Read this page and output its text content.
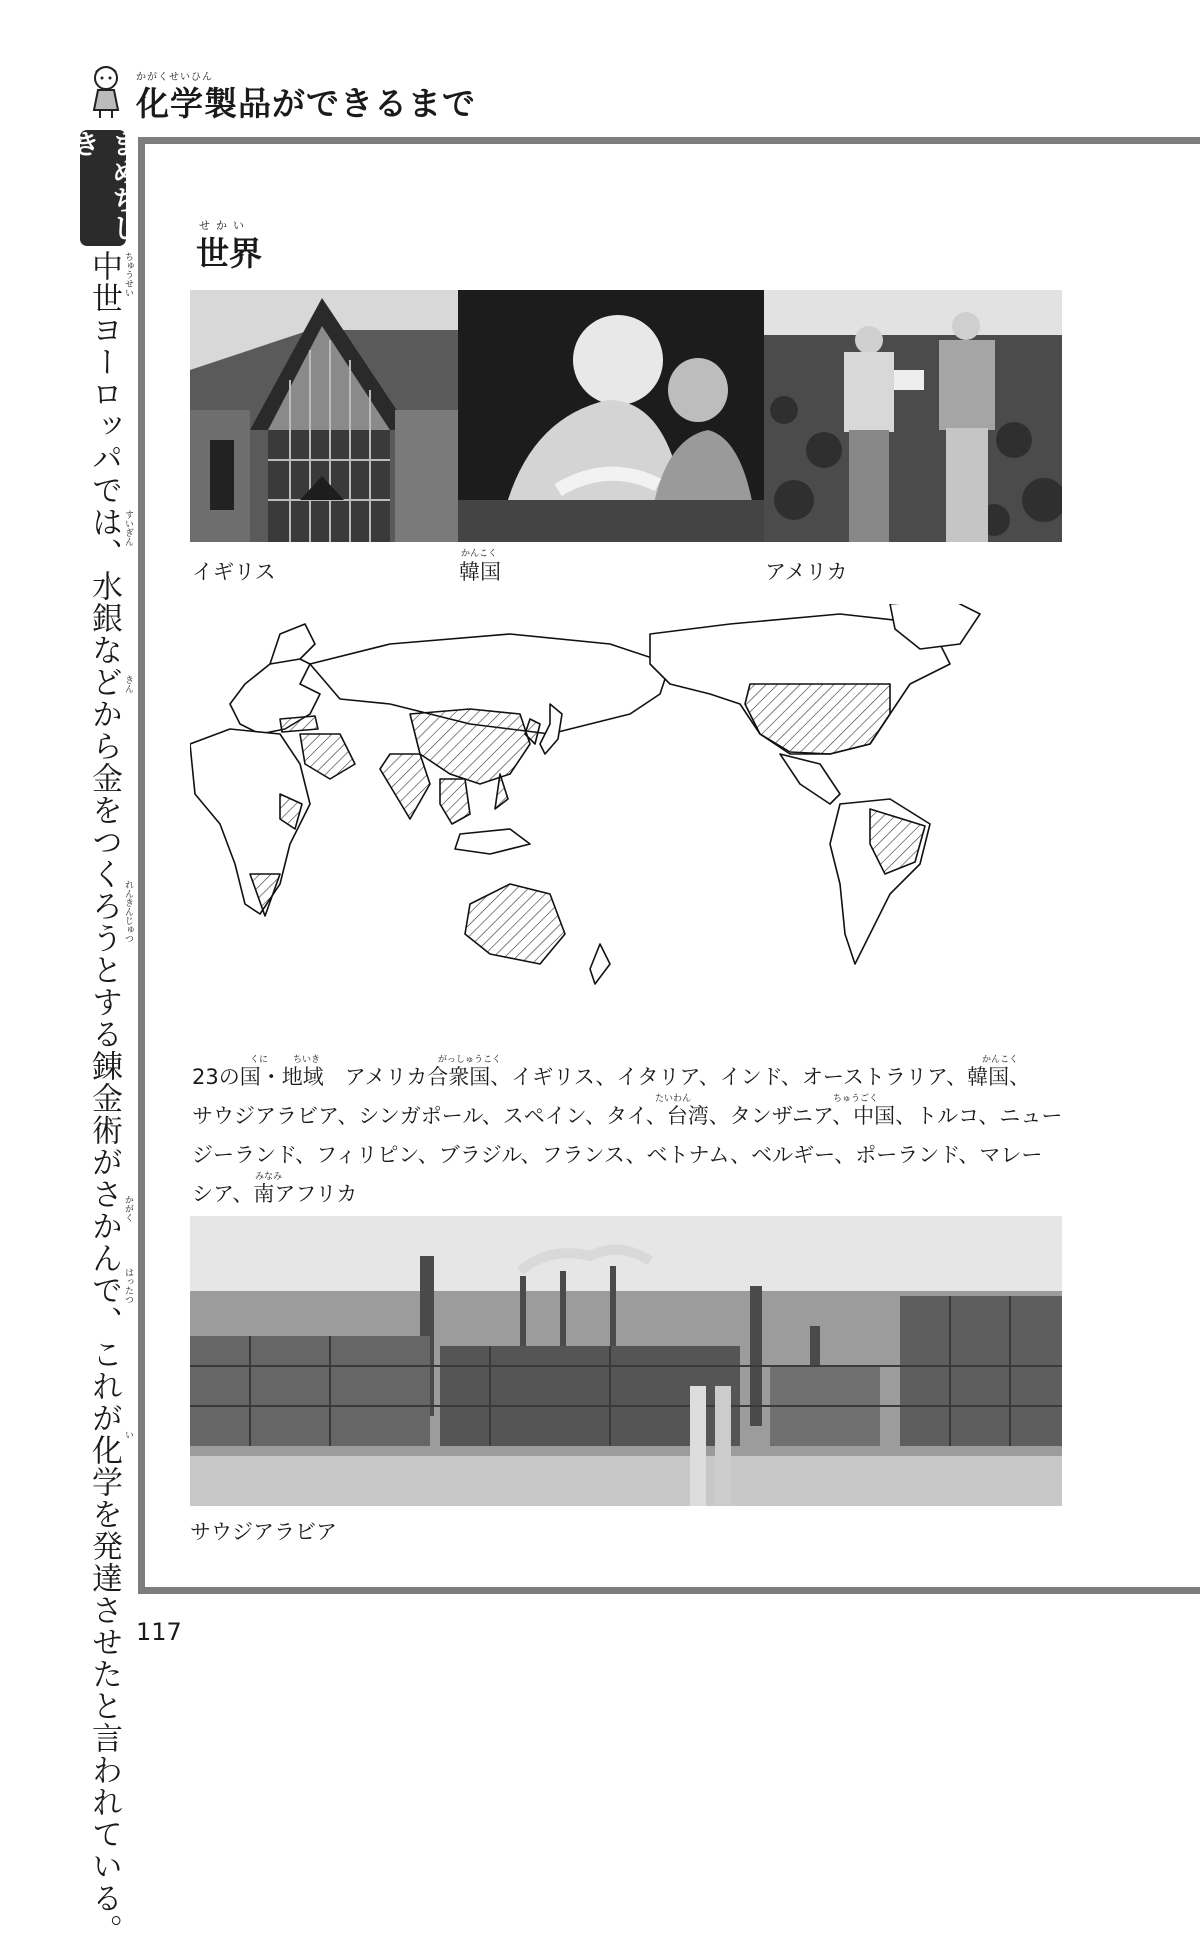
かがくせいひん
化学製品ができるまで
まめちしき
中世ヨーロッパでは、水銀などから金をつくろうとする錬金術がさかんで、これが化学を発達させたと言われている。 ちゅうせい
すいぎん
きん
れんきんじゅつ
かがく
はったつ
い
せかい
世界
イギリス
かんこく
韓国	アメリカ
23の国・地域　アメリカ合衆国、イギリス、イタリア、インド、オーストラリア、韓国、
サウジアラビア、シンガポール、スペイン、タイ、台湾、タンザニア、中国、トルコ、ニュー
ジーランド、フィリピン、ブラジル、フランス、ベトナム、ベルギー、ポーランド、マレー
シア、南アフリカ
くに	ちいき	がっしゅうこく	かんこく
たいわん	ちゅうごく
みなみ
サウジアラビア
117
